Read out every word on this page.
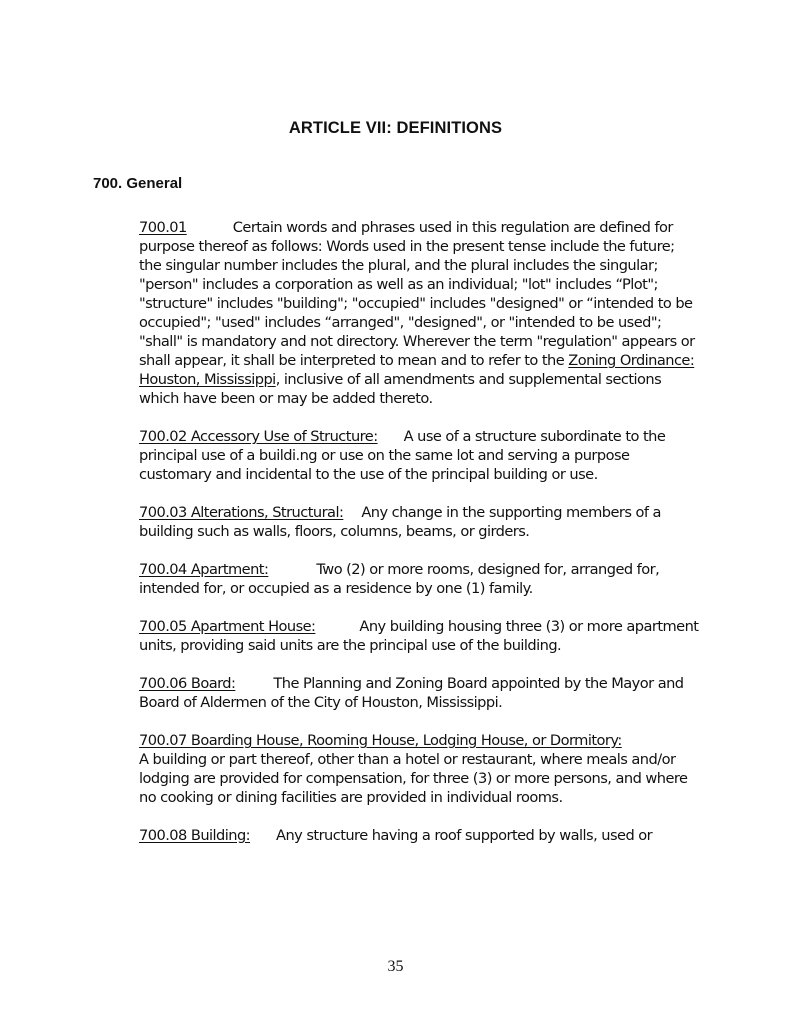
ARTICLE VII: DEFINITIONS
700. General

700.01	Certain words and phrases used in this regulation are defined for purpose thereof as follows: Words used in the present tense include the future; the singular number includes the plural, and the plural includes the singular; "person" includes a corporation as well as an individual; "lot" includes “Plot"; "structure" includes "building"; "occupied" includes "designed" or “intended to be occupied"; "used" includes “arranged", "designed", or "intended to be used"; "shall" is mandatory and not directory. Wherever the term "regulation" appears or shall appear, it shall be interpreted to mean and to refer to the Zoning Ordinance: Houston, Mississippi, inclusive of all amendments and supplemental sections which have been or may be added thereto.

700.02 Accessory Use of Structure: A use of a structure subordinate to the principal use of a buildi.ng or use on the same lot and serving a purpose customary and incidental to the use of the principal building or use.

700.03 Alterations, Structural: Any change in the supporting members of a building such as walls, floors, columns, beams, or girders.

700.04 Apartment:	Two (2) or more rooms, designed for, arranged for, intended for, or occupied as a residence by one (1) family.

700.05 Apartment House:	Any building housing three (3) or more apartment units, providing said units are the principal use of the building.

700.06 Board:	The Planning and Zoning Board appointed by the Mayor and Board of Aldermen of the City of Houston, Mississippi.

700.07 Boarding House, Rooming House, Lodging House, or Dormitory:
A building or part thereof, other than a hotel or restaurant, where meals and/or lodging are provided for compensation, for three (3) or more persons, and where no cooking or dining facilities are provided in individual rooms.

700.08 Building: Any structure having a roof supported by walls, used or

35
